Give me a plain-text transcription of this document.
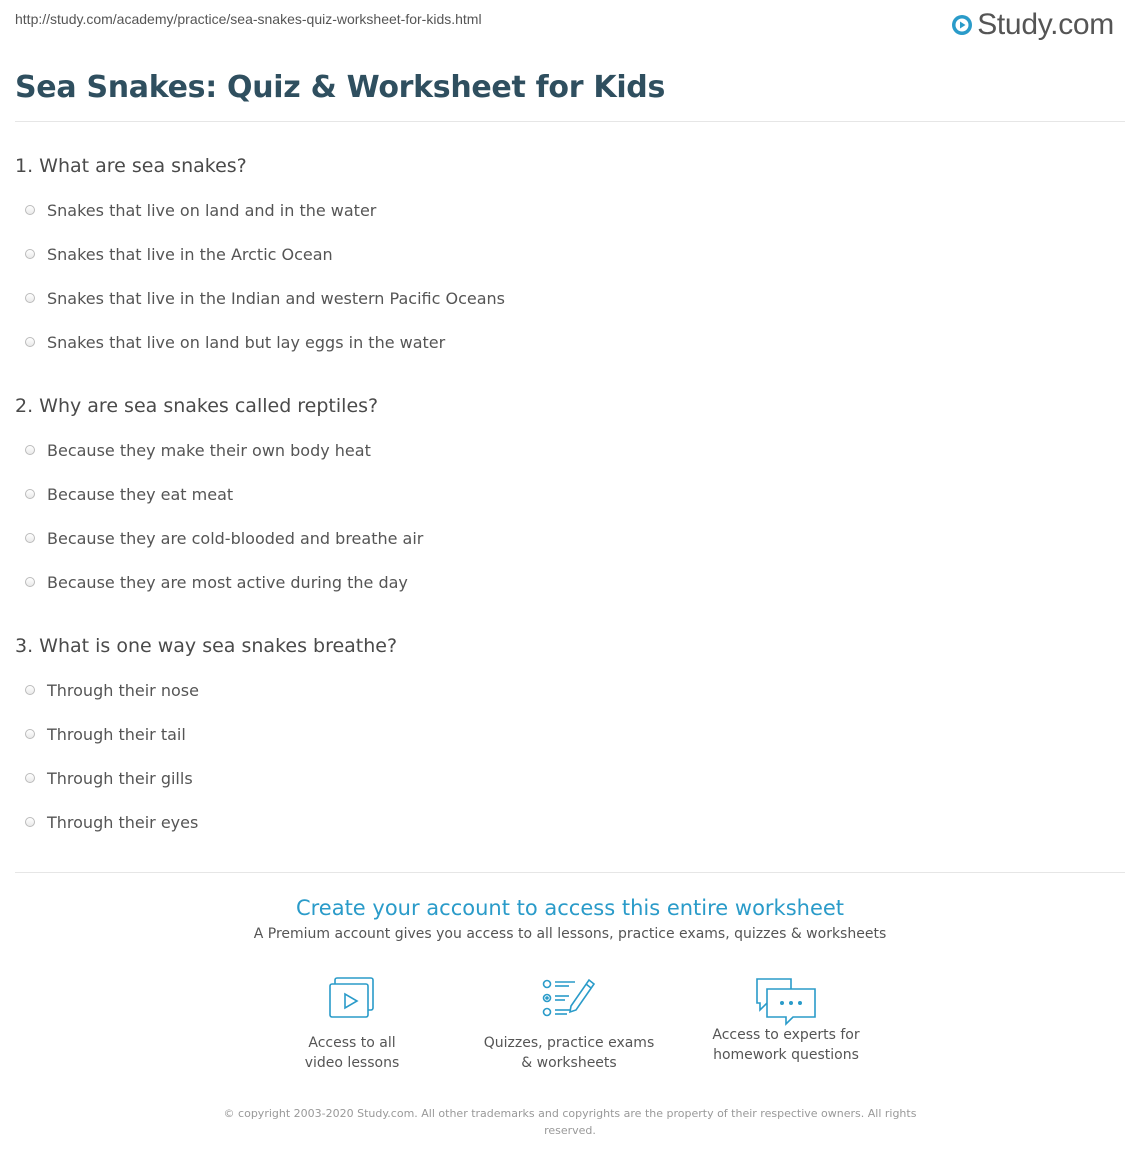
http://study.com/academy/practice/sea-snakes-quiz-worksheet-for-kids.html	Study.com
Sea Snakes: Quiz & Worksheet for Kids
1. What are sea snakes?
Snakes that live on land and in the water
Snakes that live in the Arctic Ocean
Snakes that live in the Indian and western Pacific Oceans
Snakes that live on land but lay eggs in the water
2. Why are sea snakes called reptiles?
Because they make their own body heat
Because they eat meat
Because they are cold-blooded and breathe air
Because they are most active during the day
3. What is one way sea snakes breathe?
Through their nose
Through their tail
Through their gills
Through their eyes
Create your account to access this entire worksheet

A Premium account gives you access to all lessons, practice exams, quizzes & worksheets

Access to all
video lessons
Quizzes, practice exams
& worksheets
Access to experts for
homework questions
© copyright 2003-2020 Study.com. All other trademarks and copyrights are the property of their respective owners. All rights
reserved.
